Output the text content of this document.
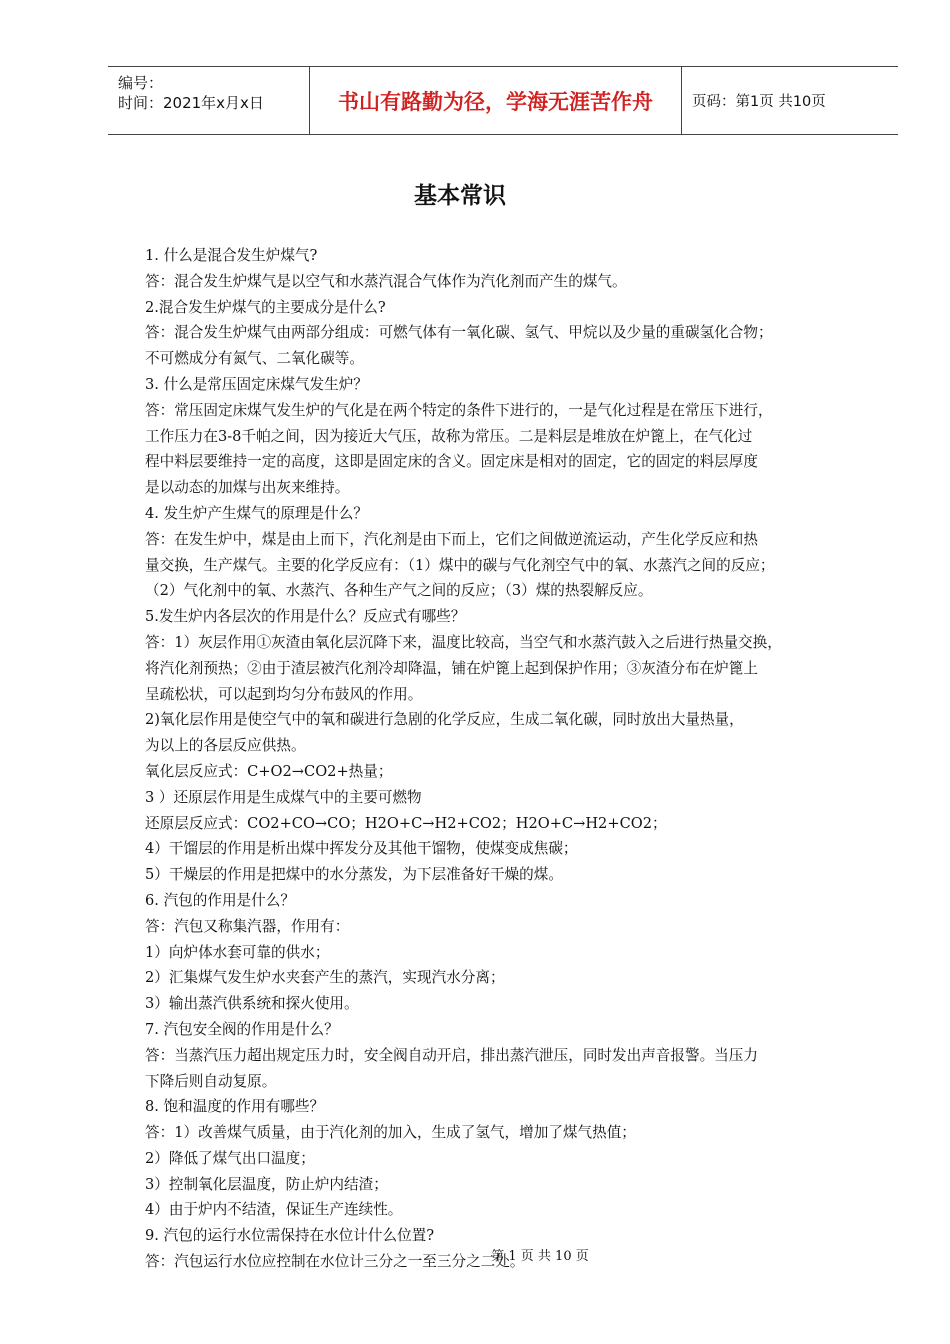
编号：
时间：2021年x月x日	书山有路勤为径，学海无涯苦作舟	页码：第1页 共10页
基本常识

1. 什么是混合发生炉煤气?

答：混合发生炉煤气是以空气和水蒸汽混合气体作为汽化剂而产生的煤气。

2.混合发生炉煤气的主要成分是什么?

答：混合发生炉煤气由两部分组成：可燃气体有一氧化碳、氢气、甲烷以及少量的重碳氢化合物；

不可燃成分有氮气、二氧化碳等。

3. 什么是常压固定床煤气发生炉？

答：常压固定床煤气发生炉的气化是在两个特定的条件下进行的，一是气化过程是在常压下进行，

工作压力在3-8千帕之间，因为接近大气压，故称为常压。二是料层是堆放在炉篦上，在气化过

程中料层要维持一定的高度，这即是固定床的含义。固定床是相对的固定，它的固定的料层厚度

是以动态的加煤与出灰来维持。

4. 发生炉产生煤气的原理是什么？

答：在发生炉中，煤是由上而下，汽化剂是由下而上，它们之间做逆流运动，产生化学反应和热

量交换，生产煤气。主要的化学反应有：（1）煤中的碳与气化剂空气中的氧、水蒸汽之间的反应；

（2）气化剂中的氧、水蒸汽、各种生产气之间的反应；（3）煤的热裂解反应。

5.发生炉内各层次的作用是什么？反应式有哪些？

答：1）灰层作用①灰渣由氧化层沉降下来，温度比较高，当空气和水蒸汽鼓入之后进行热量交换，

将汽化剂预热；②由于渣层被汽化剂冷却降温，铺在炉篦上起到保护作用；③灰渣分布在炉篦上

呈疏松状，可以起到均匀分布鼓风的作用。

2)氧化层作用是使空气中的氧和碳进行急剧的化学反应，生成二氧化碳，同时放出大量热量，

为以上的各层反应供热。

氧化层反应式：C+O2→CO2+热量；

3 ）还原层作用是生成煤气中的主要可燃物

还原层反应式：CO2+CO→CO；H2O+C→H2+CO2；H2O+C→H2+CO2；

4）干馏层的作用是析出煤中挥发分及其他干馏物，使煤变成焦碳；

5）干燥层的作用是把煤中的水分蒸发，为下层准备好干燥的煤。

6. 汽包的作用是什么？

答：汽包又称集汽器，作用有：

1）向炉体水套可靠的供水；

2）汇集煤气发生炉水夹套产生的蒸汽，实现汽水分离；

3）输出蒸汽供系统和探火使用。

7. 汽包安全阀的作用是什么？

答：当蒸汽压力超出规定压力时，安全阀自动开启，排出蒸汽泄压，同时发出声音报警。当压力

下降后则自动复原。

8. 饱和温度的作用有哪些？

答：1）改善煤气质量，由于汽化剂的加入，生成了氢气，增加了煤气热值；

2）降低了煤气出口温度；

3）控制氧化层温度，防止炉内结渣；

4）由于炉内不结渣，保证生产连续性。

9. 汽包的运行水位需保持在水位计什么位置?

答：汽包运行水位应控制在水位计三分之一至三分之二处。

第 1 页 共 10 页
